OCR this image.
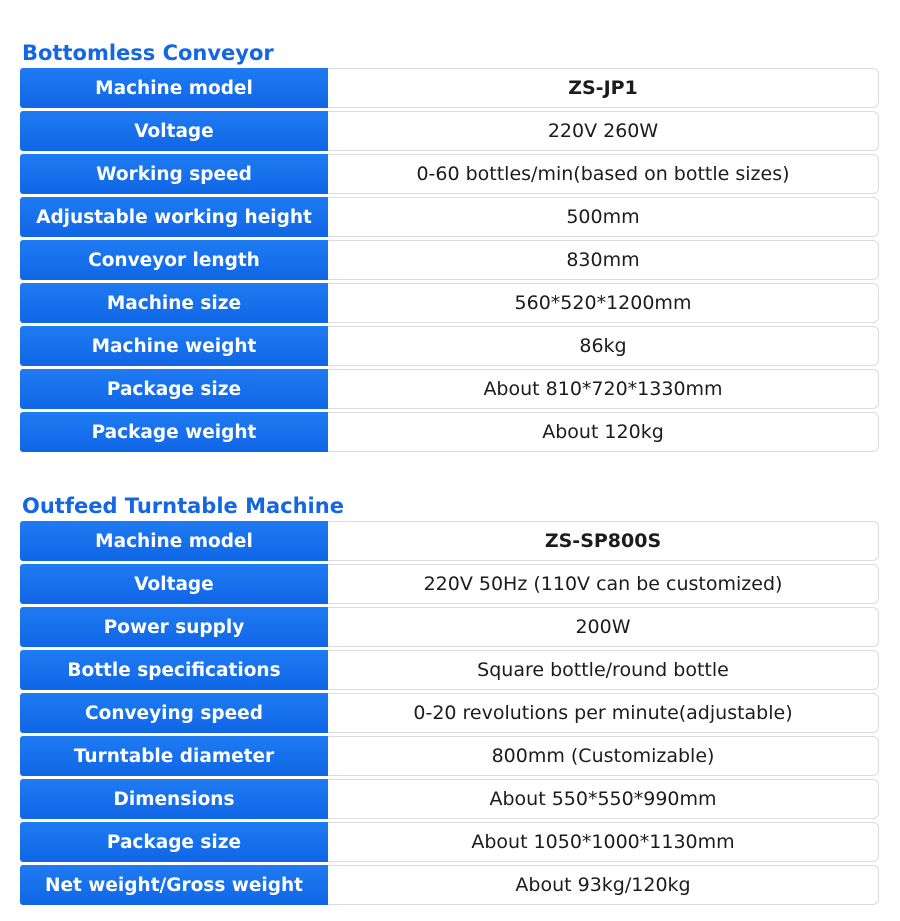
Bottomless Conveyor
Machine model	ZS-JP1
Voltage	220V 260W
Working speed	0-60 bottles/min(based on bottle sizes)
Adjustable working height	500mm
Conveyor length	830mm
Machine size	560*520*1200mm
Machine weight	86kg
Package size	About 810*720*1330mm
Package weight	About 120kg
Outfeed Turntable Machine
Machine model	ZS-SP800S
Voltage	220V 50Hz (110V can be customized)
Power supply	200W
Bottle specifications	Square bottle/round bottle
Conveying speed	0-20 revolutions per minute(adjustable)
Turntable diameter	800mm (Customizable)
Dimensions	About 550*550*990mm
Package size	About 1050*1000*1130mm
Net weight/Gross weight	About 93kg/120kg
